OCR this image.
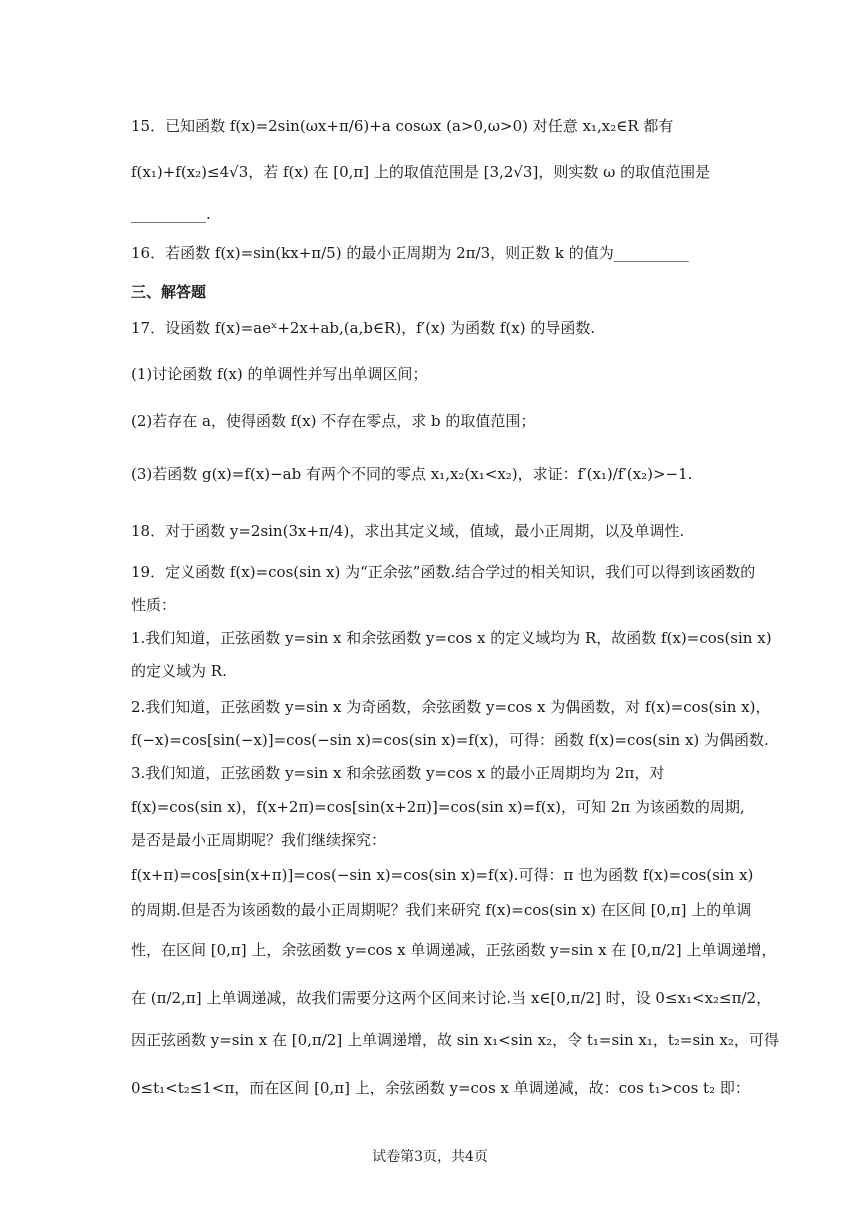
15．已知函数 f(x)=2sin(ωx+π/6)+a cosωx (a>0,ω>0) 对任意 x₁,x₂∈R 都有
f(x₁)+f(x₂)≤4√3，若 f(x) 在 [0,π] 上的取值范围是 [3,2√3]，则实数 ω 的取值范围是
__________.
16．若函数 f(x)=sin(kx+π/5) 的最小正周期为 2π/3，则正数 k 的值为__________
三、解答题
17．设函数 f(x)=aeˣ+2x+ab,(a,b∈R)，f′(x) 为函数 f(x) 的导函数.
(1)讨论函数 f(x) 的单调性并写出单调区间；
(2)若存在 a，使得函数 f(x) 不存在零点，求 b 的取值范围；
(3)若函数 g(x)=f(x)−ab 有两个不同的零点 x₁,x₂(x₁<x₂)，求证：f′(x₁)/f′(x₂)>−1.
18．对于函数 y=2sin(3x+π/4)，求出其定义域，值域，最小正周期，以及单调性.
19．定义函数 f(x)=cos(sin x) 为“正余弦”函数.结合学过的相关知识，我们可以得到该函数的
性质：
1.我们知道，正弦函数 y=sin x 和余弦函数 y=cos x 的定义域均为 R，故函数 f(x)=cos(sin x)
的定义域为 R.
2.我们知道，正弦函数 y=sin x 为奇函数，余弦函数 y=cos x 为偶函数，对 f(x)=cos(sin x)，
f(−x)=cos[sin(−x)]=cos(−sin x)=cos(sin x)=f(x)，可得：函数 f(x)=cos(sin x) 为偶函数.
3.我们知道，正弦函数 y=sin x 和余弦函数 y=cos x 的最小正周期均为 2π，对
f(x)=cos(sin x)，f(x+2π)=cos[sin(x+2π)]=cos(sin x)=f(x)，可知 2π 为该函数的周期,
是否是最小正周期呢？我们继续探究：
f(x+π)=cos[sin(x+π)]=cos(−sin x)=cos(sin x)=f(x).可得：π 也为函数 f(x)=cos(sin x)
的周期.但是否为该函数的最小正周期呢？我们来研究 f(x)=cos(sin x) 在区间 [0,π] 上的单调
性，在区间 [0,π] 上，余弦函数 y=cos x 单调递减，正弦函数 y=sin x 在 [0,π/2] 上单调递增，
在 (π/2,π] 上单调递减，故我们需要分这两个区间来讨论.当 x∈[0,π/2] 时，设 0≤x₁<x₂≤π/2，
因正弦函数 y=sin x 在 [0,π/2] 上单调递增，故 sin x₁<sin x₂，令 t₁=sin x₁，t₂=sin x₂，可得
0≤t₁<t₂≤1<π，而在区间 [0,π] 上，余弦函数 y=cos x 单调递减，故：cos t₁>cos t₂ 即：
试卷第3页，共4页
